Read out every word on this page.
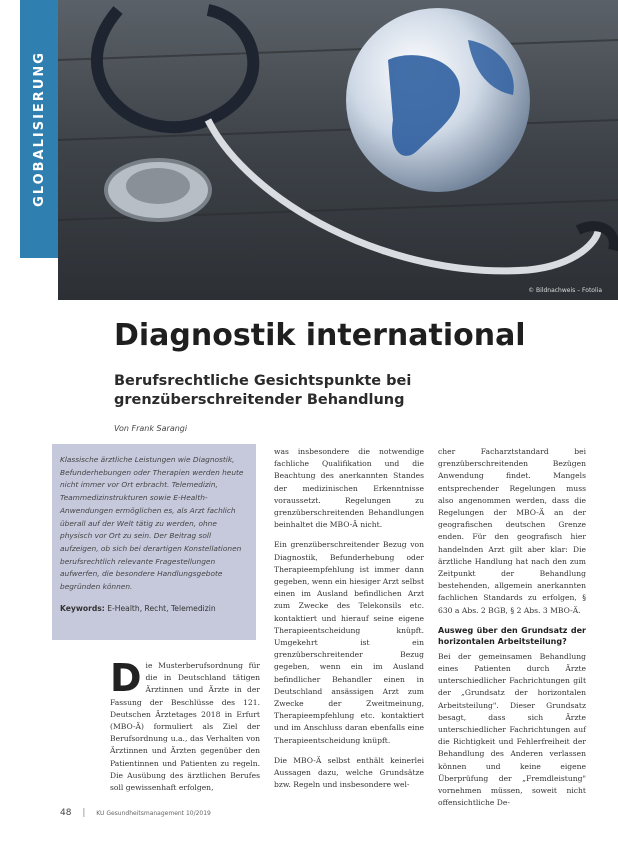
GLOBALISIERUNG
© Bildnachweis – Fotolia
Diagnostik international
Berufsrechtliche Gesichtspunkte bei grenzüberschreitender Behandlung
Von Frank Sarangi
Klassische ärztliche Leistungen wie Diagnostik, Befunderhebungen oder Therapien werden heute nicht immer vor Ort erbracht. Telemedizin, Teammedizinstrukturen sowie E-Health-Anwendungen ermöglichen es, als Arzt fachlich überall auf der Welt tätig zu werden, ohne physisch vor Ort zu sein. Der Beitrag soll aufzeigen, ob sich bei derartigen Konstellationen berufsrechtlich relevante Fragestellungen aufwerfen, die besondere Handlungsgebote begründen können.
Keywords: E-Health, Recht, Telemedizin
D ie Musterberufsordnung für die in Deutschland tätigen Ärztinnen und Ärzte in der Fassung der Beschlüsse des 121. Deutschen Ärztetages 2018 in Erfurt (MBO-Ä) formuliert als Ziel der Berufsordnung u.a., das Verhalten von Ärztinnen und Ärzten gegenüber den Patientinnen und Patienten zu regeln. Die Ausübung des ärztlichen Berufes soll gewissenhaft erfolgen,

was insbesondere die notwendige fachliche Qualifikation und die Beachtung des anerkannten Standes der medizinischen Erkenntnisse voraussetzt. Regelungen zu grenzüberschreitenden Behandlungen beinhaltet die MBO-Ä nicht.

Ein grenzüberschreitender Bezug von Diagnostik, Befunderhebung oder Therapieempfehlung ist immer dann gegeben, wenn ein hiesiger Arzt selbst einen im Ausland befindlichen Arzt zum Zwecke des Telekonsils etc. kontaktiert und hierauf seine eigene Therapieentscheidung knüpft. Umgekehrt ist ein grenzüberschreitender Bezug gegeben, wenn ein im Ausland befindlicher Behandler einen in Deutschland ansässigen Arzt zum Zwecke der Zweitmeinung, Therapieempfehlung etc. kontaktiert und im Anschluss daran ebenfalls eine Therapieentscheidung knüpft.

Die MBO-Ä selbst enthält keinerlei Aussagen dazu, welche Grundsätze bzw. Regeln und insbesondere wel-

cher Facharztstandard bei grenzüberschreitenden Bezügen Anwendung findet. Mangels entsprechender Regelungen muss also angenommen werden, dass die Regelungen der MBO-Ä an der geografischen deutschen Grenze enden. Für den geografisch hier handelnden Arzt gilt aber klar: Die ärztliche Handlung hat nach den zum Zeitpunkt der Behandlung bestehenden, allgemein anerkannten fachlichen Standards zu erfolgen, § 630 a Abs. 2 BGB, § 2 Abs. 3 MBO-Ä.

Ausweg über den Grundsatz der horizontalen Arbeitsteilung?

Bei der gemeinsamen Behandlung eines Patienten durch Ärzte unterschiedlicher Fachrichtungen gilt der „Grundsatz der horizontalen Arbeitsteilung". Dieser Grundsatz besagt, dass sich Ärzte unterschiedlicher Fachrichtungen auf die Richtigkeit und Fehlerfreiheit der Behandlung des Anderen verlassen können und keine eigene Überprüfung der „Fremdleistung" vornehmen müssen, soweit nicht offensichtliche De-

48 | KU Gesundheitsmanagement 10/2019
